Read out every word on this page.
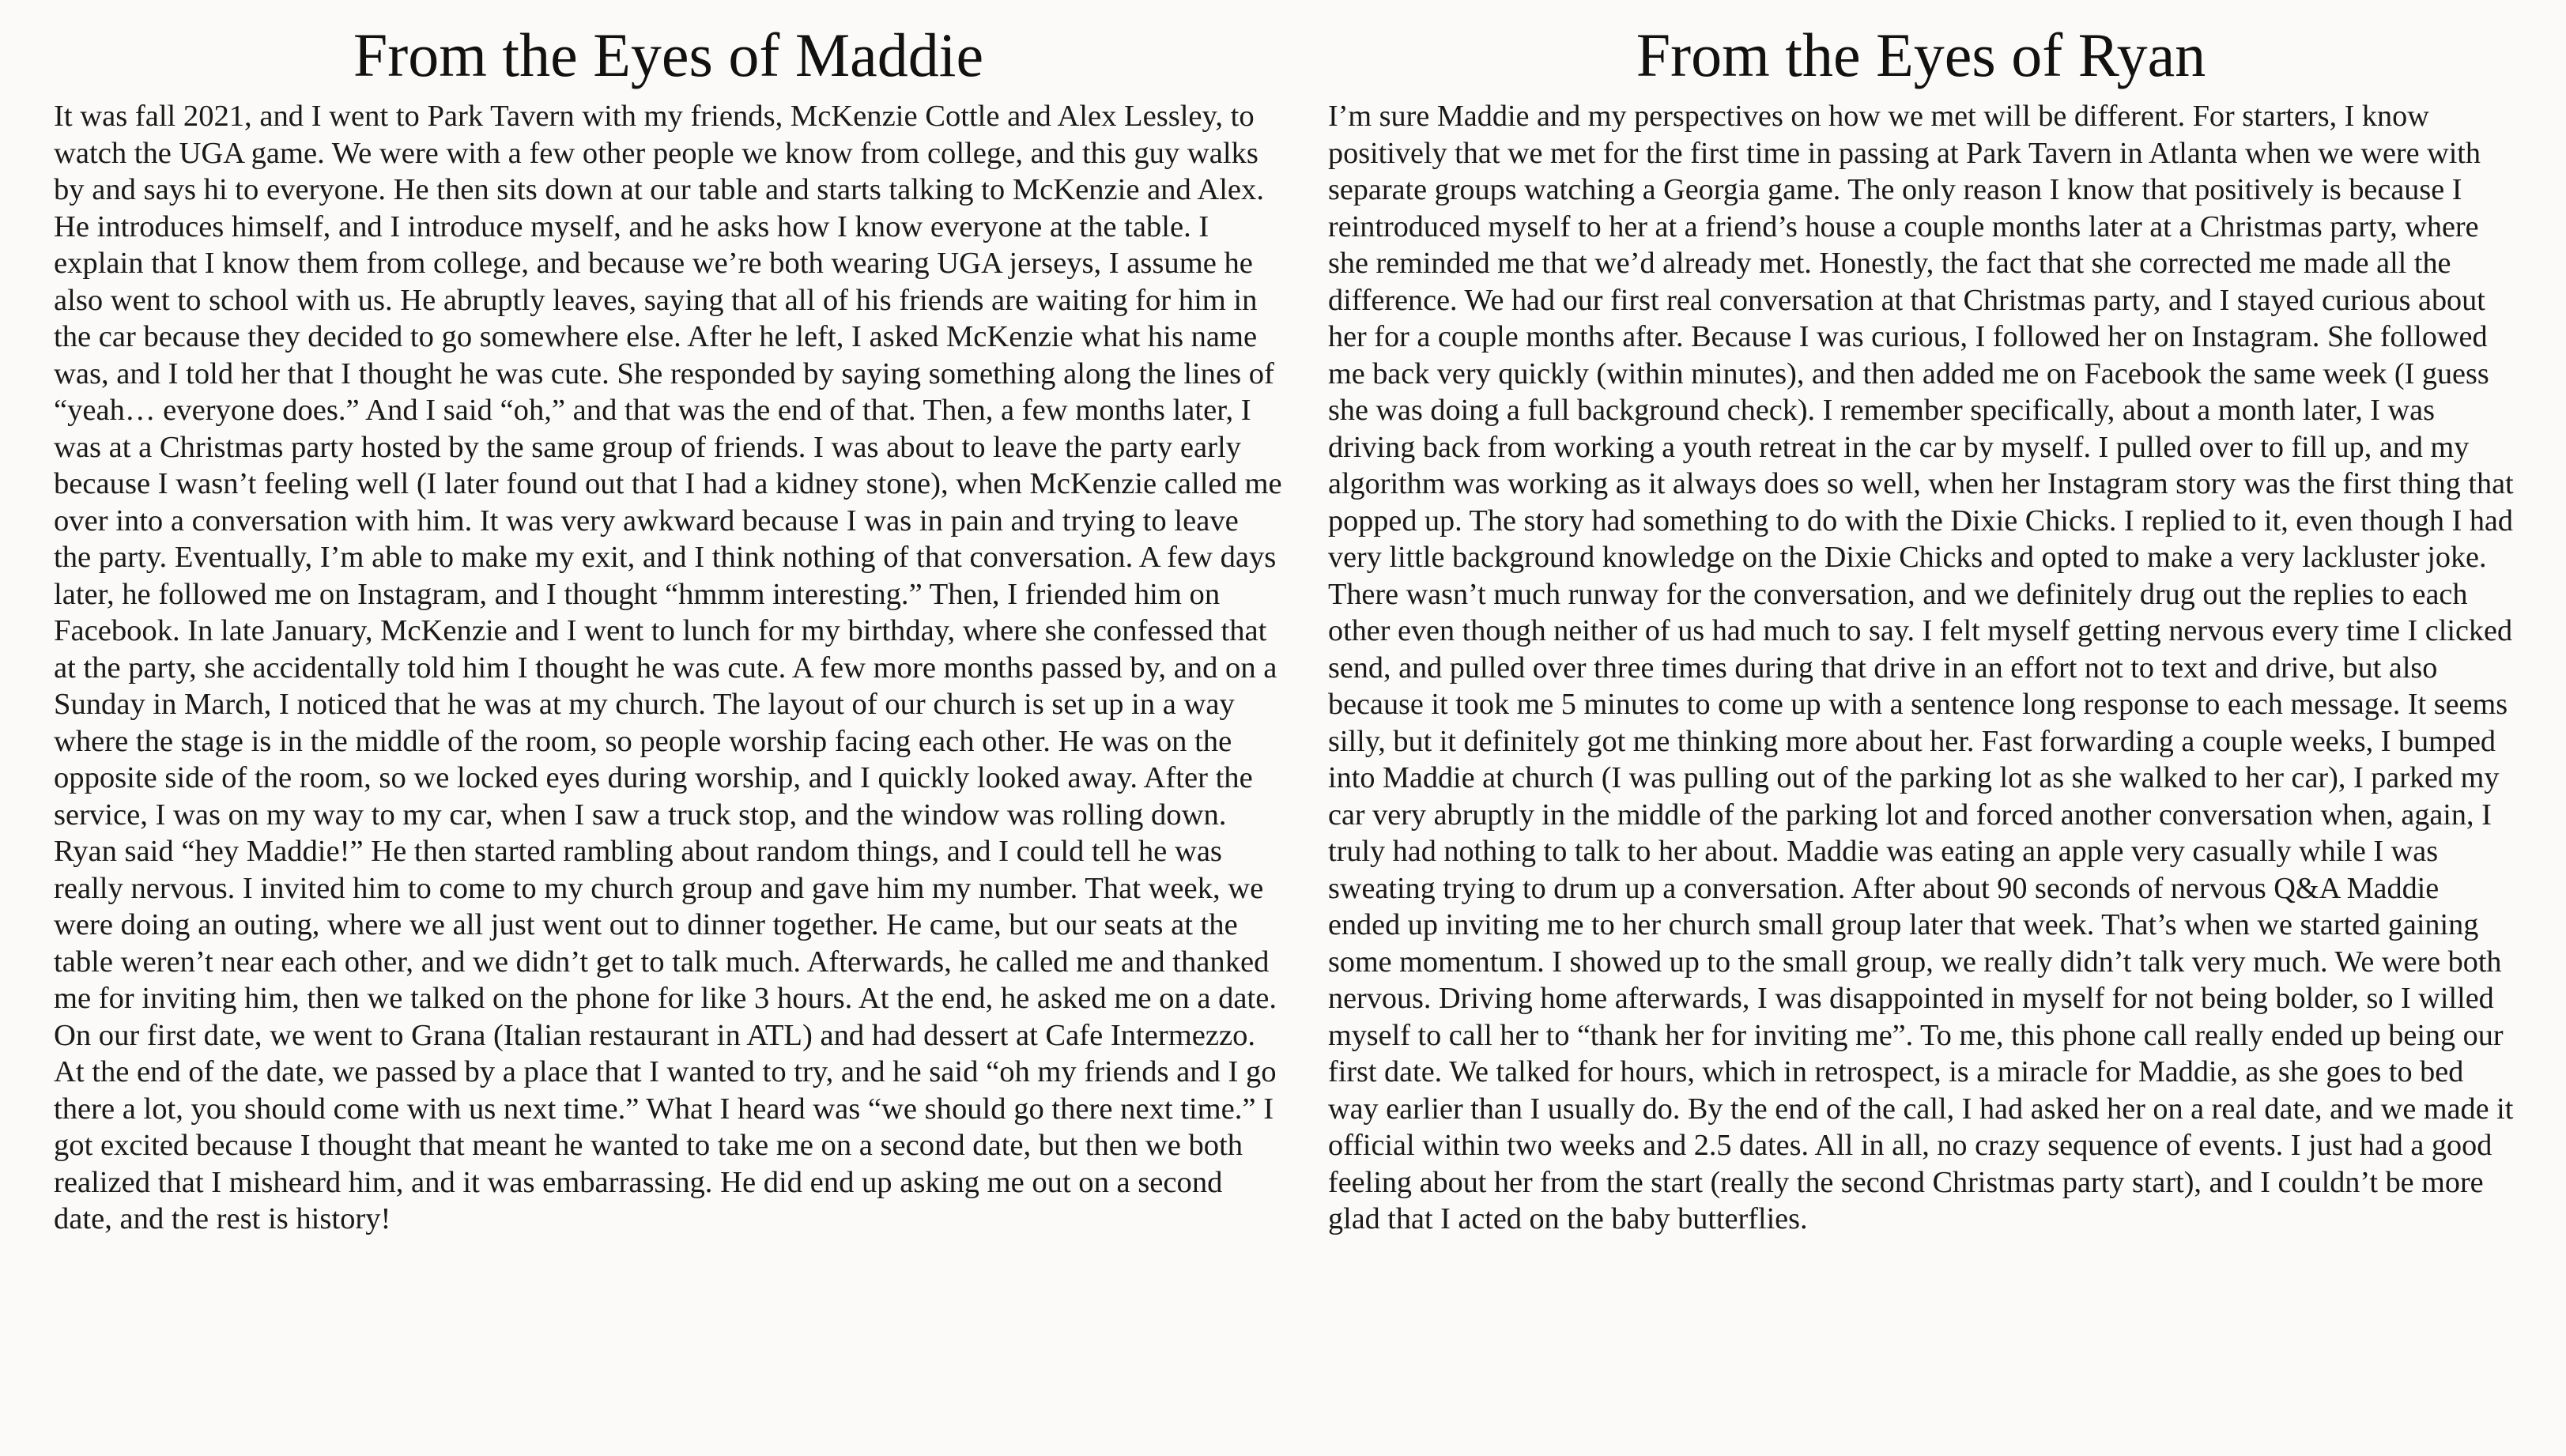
From the Eyes of Maddie

It was fall 2021, and I went to Park Tavern with my friends, McKenzie Cottle and Alex Lessley, to watch the UGA game. We were with a few other people we know from college, and this guy walks by and says hi to everyone. He then sits down at our table and starts talking to McKenzie and Alex. He introduces himself, and I introduce myself, and he asks how I know everyone at the table. I explain that I know them from college, and because we’re both wearing UGA jerseys, I assume he also went to school with us. He abruptly leaves, saying that all of his friends are waiting for him in the car because they decided to go somewhere else. After he left, I asked McKenzie what his name was, and I told her that I thought he was cute. She responded by saying something along the lines of “yeah… everyone does.” And I said “oh,” and that was the end of that. Then, a few months later, I was at a Christmas party hosted by the same group of friends. I was about to leave the party early because I wasn’t feeling well (I later found out that I had a kidney stone), when McKenzie called me over into a conversation with him. It was very awkward because I was in pain and trying to leave the party. Eventually, I’m able to make my exit, and I think nothing of that conversation. A few days later, he followed me on Instagram, and I thought “hmmm interesting.” Then, I friended him on Facebook. In late January, McKenzie and I went to lunch for my birthday, where she confessed that at the party, she accidentally told him I thought he was cute. A few more months passed by, and on a Sunday in March, I noticed that he was at my church. The layout of our church is set up in a way where the stage is in the middle of the room, so people worship facing each other. He was on the opposite side of the room, so we locked eyes during worship, and I quickly looked away. After the service, I was on my way to my car, when I saw a truck stop, and the window was rolling down. Ryan said “hey Maddie!” He then started rambling about random things, and I could tell he was really nervous. I invited him to come to my church group and gave him my number. That week, we were doing an outing, where we all just went out to dinner together. He came, but our seats at the table weren’t near each other, and we didn’t get to talk much. Afterwards, he called me and thanked me for inviting him, then we talked on the phone for like 3 hours. At the end, he asked me on a date. On our first date, we went to Grana (Italian restaurant in ATL) and had dessert at Cafe Intermezzo. At the end of the date, we passed by a place that I wanted to try, and he said “oh my friends and I go there a lot, you should come with us next time.” What I heard was “we should go there next time.” I got excited because I thought that meant he wanted to take me on a second date, but then we both realized that I misheard him, and it was embarrassing. He did end up asking me out on a second date, and the rest is history!

From the Eyes of Ryan

I’m sure Maddie and my perspectives on how we met will be different. For starters, I know positively that we met for the first time in passing at Park Tavern in Atlanta when we were with separate groups watching a Georgia game. The only reason I know that positively is because I reintroduced myself to her at a friend’s house a couple months later at a Christmas party, where she reminded me that we’d already met. Honestly, the fact that she corrected me made all the difference. We had our first real conversation at that Christmas party, and I stayed curious about her for a couple months after. Because I was curious, I followed her on Instagram. She followed me back very quickly (within minutes), and then added me on Facebook the same week (I guess she was doing a full background check). I remember specifically, about a month later, I was driving back from working a youth retreat in the car by myself. I pulled over to fill up, and my algorithm was working as it always does so well, when her Instagram story was the first thing that popped up. The story had something to do with the Dixie Chicks. I replied to it, even though I had very little background knowledge on the Dixie Chicks and opted to make a very lackluster joke. There wasn’t much runway for the conversation, and we definitely drug out the replies to each other even though neither of us had much to say. I felt myself getting nervous every time I clicked send, and pulled over three times during that drive in an effort not to text and drive, but also because it took me 5 minutes to come up with a sentence long response to each message. It seems silly, but it definitely got me thinking more about her. Fast forwarding a couple weeks, I bumped into Maddie at church (I was pulling out of the parking lot as she walked to her car), I parked my car very abruptly in the middle of the parking lot and forced another conversation when, again, I truly had nothing to talk to her about. Maddie was eating an apple very casually while I was sweating trying to drum up a conversation. After about 90 seconds of nervous Q&A Maddie ended up inviting me to her church small group later that week. That’s when we started gaining some momentum. I showed up to the small group, we really didn’t talk very much. We were both nervous. Driving home afterwards, I was disappointed in myself for not being bolder, so I willed myself to call her to “thank her for inviting me”. To me, this phone call really ended up being our first date. We talked for hours, which in retrospect, is a miracle for Maddie, as she goes to bed way earlier than I usually do. By the end of the call, I had asked her on a real date, and we made it official within two weeks and 2.5 dates. All in all, no crazy sequence of events. I just had a good feeling about her from the start (really the second Christmas party start), and I couldn’t be more glad that I acted on the baby butterflies.
